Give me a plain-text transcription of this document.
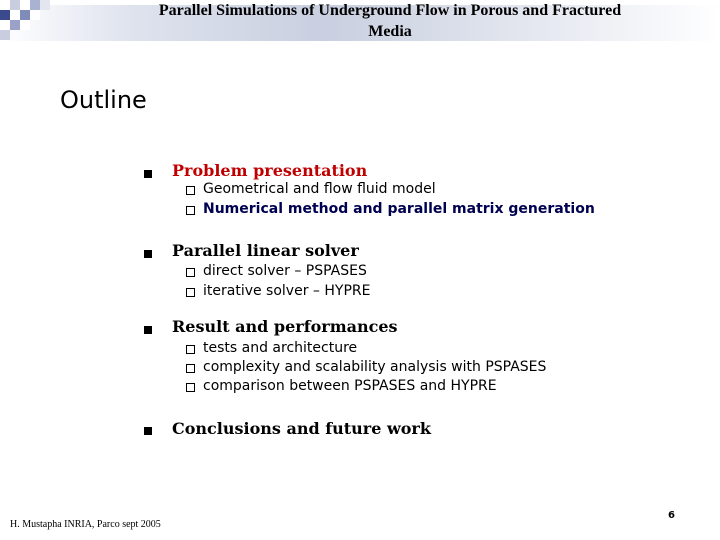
Parallel Simulations of Underground Flow in Porous and Fractured
Media
Outline
Problem presentation
Geometrical and flow fluid model
Numerical method and parallel matrix generation
Parallel linear solver
direct solver – PSPASES
iterative solver – HYPRE
Result and performances
tests and architecture
complexity and scalability analysis with PSPASES
comparison between PSPASES and HYPRE
Conclusions and future work
H. Mustapha INRIA, Parco sept 2005
6
